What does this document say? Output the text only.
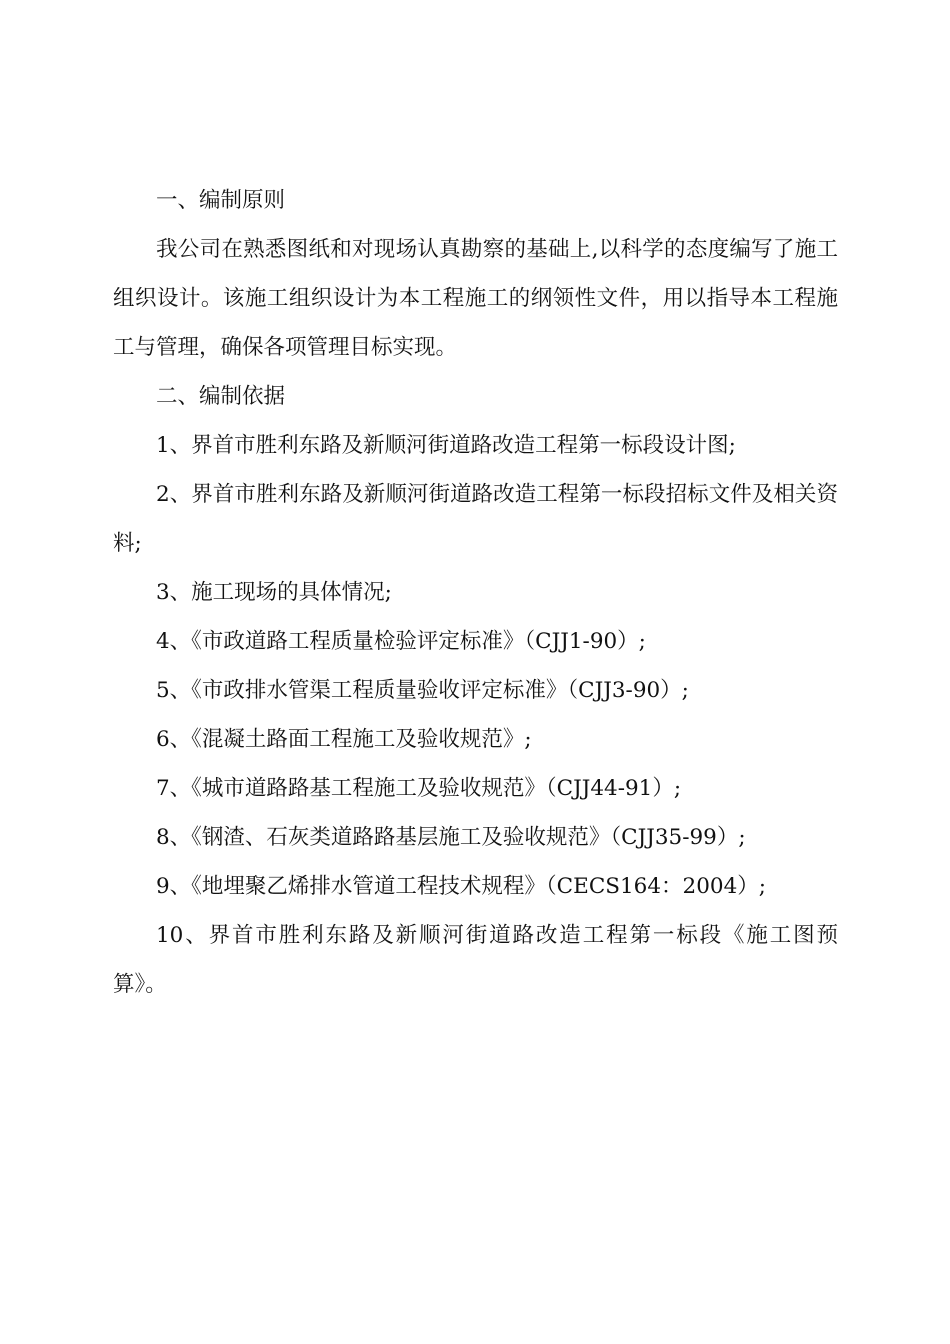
一、编制原则

我公司在熟悉图纸和对现场认真勘察的基础上,以科学的态度编写了施工组织设计。该施工组织设计为本工程施工的纲领性文件，用以指导本工程施工与管理，确保各项管理目标实现。

二、编制依据

1、界首市胜利东路及新顺河街道路改造工程第一标段设计图;

2、界首市胜利东路及新顺河街道路改造工程第一标段招标文件及相关资料;

3、施工现场的具体情况;

4、《市政道路工程质量检验评定标准》（CJJ1-90）;

5、《市政排水管渠工程质量验收评定标准》（CJJ3-90）;

6、《混凝土路面工程施工及验收规范》;

7、《城市道路路基工程施工及验收规范》（CJJ44-91）;

8、《钢渣、石灰类道路路基层施工及验收规范》（CJJ35-99）;

9、《地埋聚乙烯排水管道工程技术规程》（CECS164：2004）;

10、界首市胜利东路及新顺河街道路改造工程第一标段《施工图预算》。
